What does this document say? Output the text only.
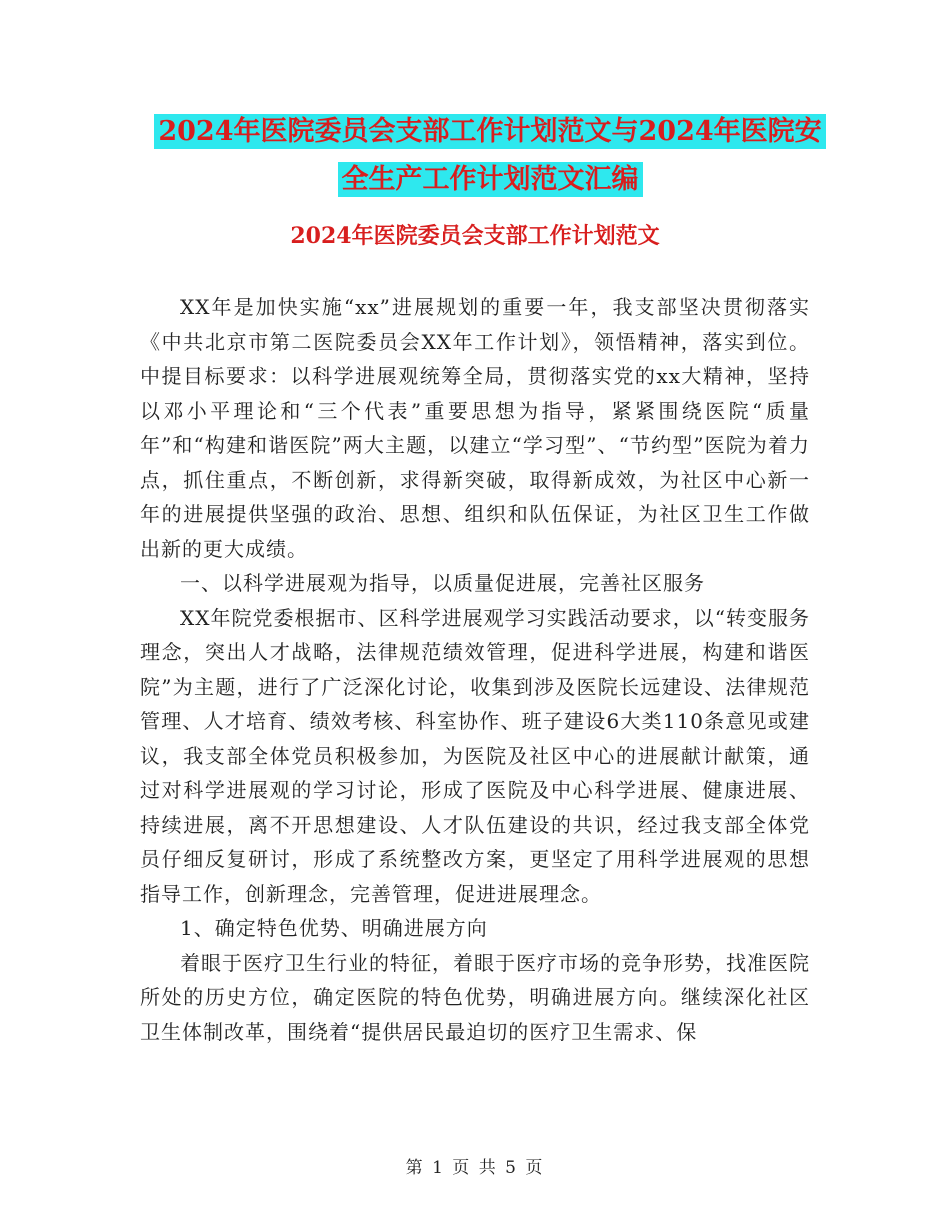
2024年医院委员会支部工作计划范文与2024年医院安
全生产工作计划范文汇编
2024年医院委员会支部工作计划范文

XX年是加快实施“xx”进展规划的重要一年，我支部坚决贯彻落实《中共北京市第二医院委员会XX年工作计划》，领悟精神，落实到位。中提目标要求：以科学进展观统筹全局，贯彻落实党的xx大精神，坚持以邓小平理论和“三个代表”重要思想为指导，紧紧围绕医院“质量年”和“构建和谐医院”两大主题，以建立“学习型”、“节约型”医院为着力点，抓住重点，不断创新，求得新突破，取得新成效，为社区中心新一年的进展提供坚强的政治、思想、组织和队伍保证，为社区卫生工作做出新的更大成绩。

一、以科学进展观为指导，以质量促进展，完善社区服务

XX年院党委根据市、区科学进展观学习实践活动要求，以“转变服务理念，突出人才战略，法律规范绩效管理，促进科学进展，构建和谐医院”为主题，进行了广泛深化讨论，收集到涉及医院长远建设、法律规范管理、人才培育、绩效考核、科室协作、班子建设6大类110条意见或建议，我支部全体党员积极参加，为医院及社区中心的进展献计献策，通过对科学进展观的学习讨论，形成了医院及中心科学进展、健康进展、持续进展，离不开思想建设、人才队伍建设的共识，经过我支部全体党员仔细反复研讨，形成了系统整改方案，更坚定了用科学进展观的思想指导工作，创新理念，完善管理，促进进展理念。

1、确定特色优势、明确进展方向

着眼于医疗卫生行业的特征，着眼于医疗市场的竞争形势，找准医院所处的历史方位，确定医院的特色优势，明确进展方向。继续深化社区卫生体制改革，围绕着“提供居民最迫切的医疗卫生需求、保

第 1 页 共 5 页
